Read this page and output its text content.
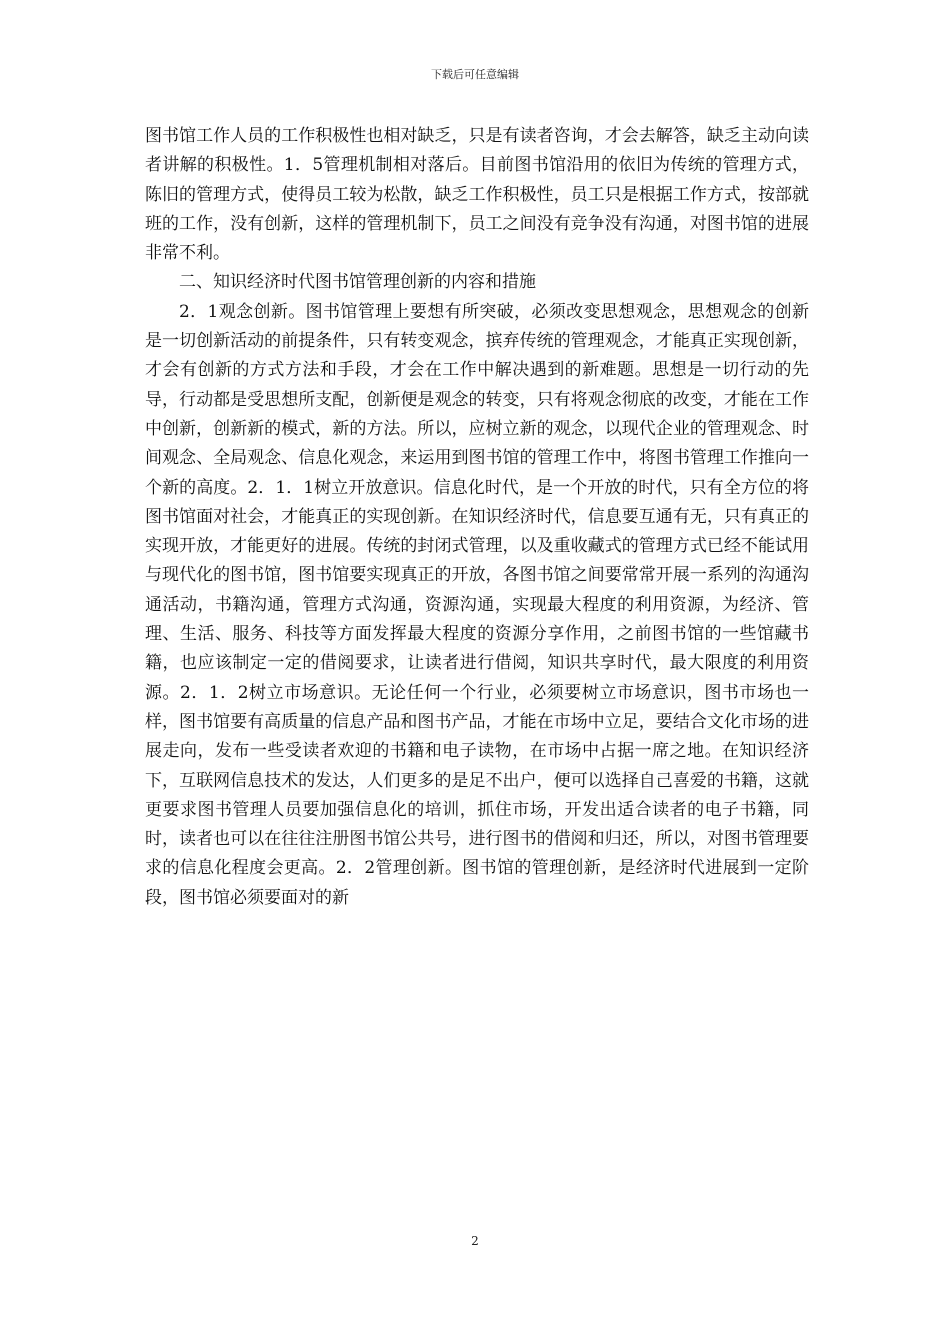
下载后可任意编辑

图书馆工作人员的工作积极性也相对缺乏，只是有读者咨询，才会去解答，缺乏主动向读者讲解的积极性。1．5管理机制相对落后。目前图书馆沿用的依旧为传统的管理方式，陈旧的管理方式，使得员工较为松散，缺乏工作积极性，员工只是根据工作方式，按部就班的工作，没有创新，这样的管理机制下，员工之间没有竞争没有沟通，对图书馆的进展非常不利。

二、知识经济时代图书馆管理创新的内容和措施

2．1观念创新。图书馆管理上要想有所突破，必须改变思想观念，思想观念的创新是一切创新活动的前提条件，只有转变观念，摈弃传统的管理观念，才能真正实现创新，才会有创新的方式方法和手段，才会在工作中解决遇到的新难题。思想是一切行动的先导，行动都是受思想所支配，创新便是观念的转变，只有将观念彻底的改变，才能在工作中创新，创新新的模式，新的方法。所以，应树立新的观念，以现代企业的管理观念、时间观念、全局观念、信息化观念，来运用到图书馆的管理工作中，将图书管理工作推向一个新的高度。2．1．1树立开放意识。信息化时代，是一个开放的时代，只有全方位的将图书馆面对社会，才能真正的实现创新。在知识经济时代，信息要互通有无，只有真正的实现开放，才能更好的进展。传统的封闭式管理，以及重收藏式的管理方式已经不能试用与现代化的图书馆，图书馆要实现真正的开放，各图书馆之间要常常开展一系列的沟通沟通活动，书籍沟通，管理方式沟通，资源沟通，实现最大程度的利用资源，为经济、管理、生活、服务、科技等方面发挥最大程度的资源分享作用，之前图书馆的一些馆藏书籍，也应该制定一定的借阅要求，让读者进行借阅，知识共享时代，最大限度的利用资源。2．1．2树立市场意识。无论任何一个行业，必须要树立市场意识，图书市场也一样，图书馆要有高质量的信息产品和图书产品，才能在市场中立足，要结合文化市场的进展走向，发布一些受读者欢迎的书籍和电子读物，在市场中占据一席之地。在知识经济下，互联网信息技术的发达，人们更多的是足不出户，便可以选择自己喜爱的书籍，这就更要求图书管理人员要加强信息化的培训，抓住市场，开发出适合读者的电子书籍，同时，读者也可以在往往注册图书馆公共号，进行图书的借阅和归还，所以，对图书管理要求的信息化程度会更高。2．2管理创新。图书馆的管理创新，是经济时代进展到一定阶段，图书馆必须要面对的新

2
